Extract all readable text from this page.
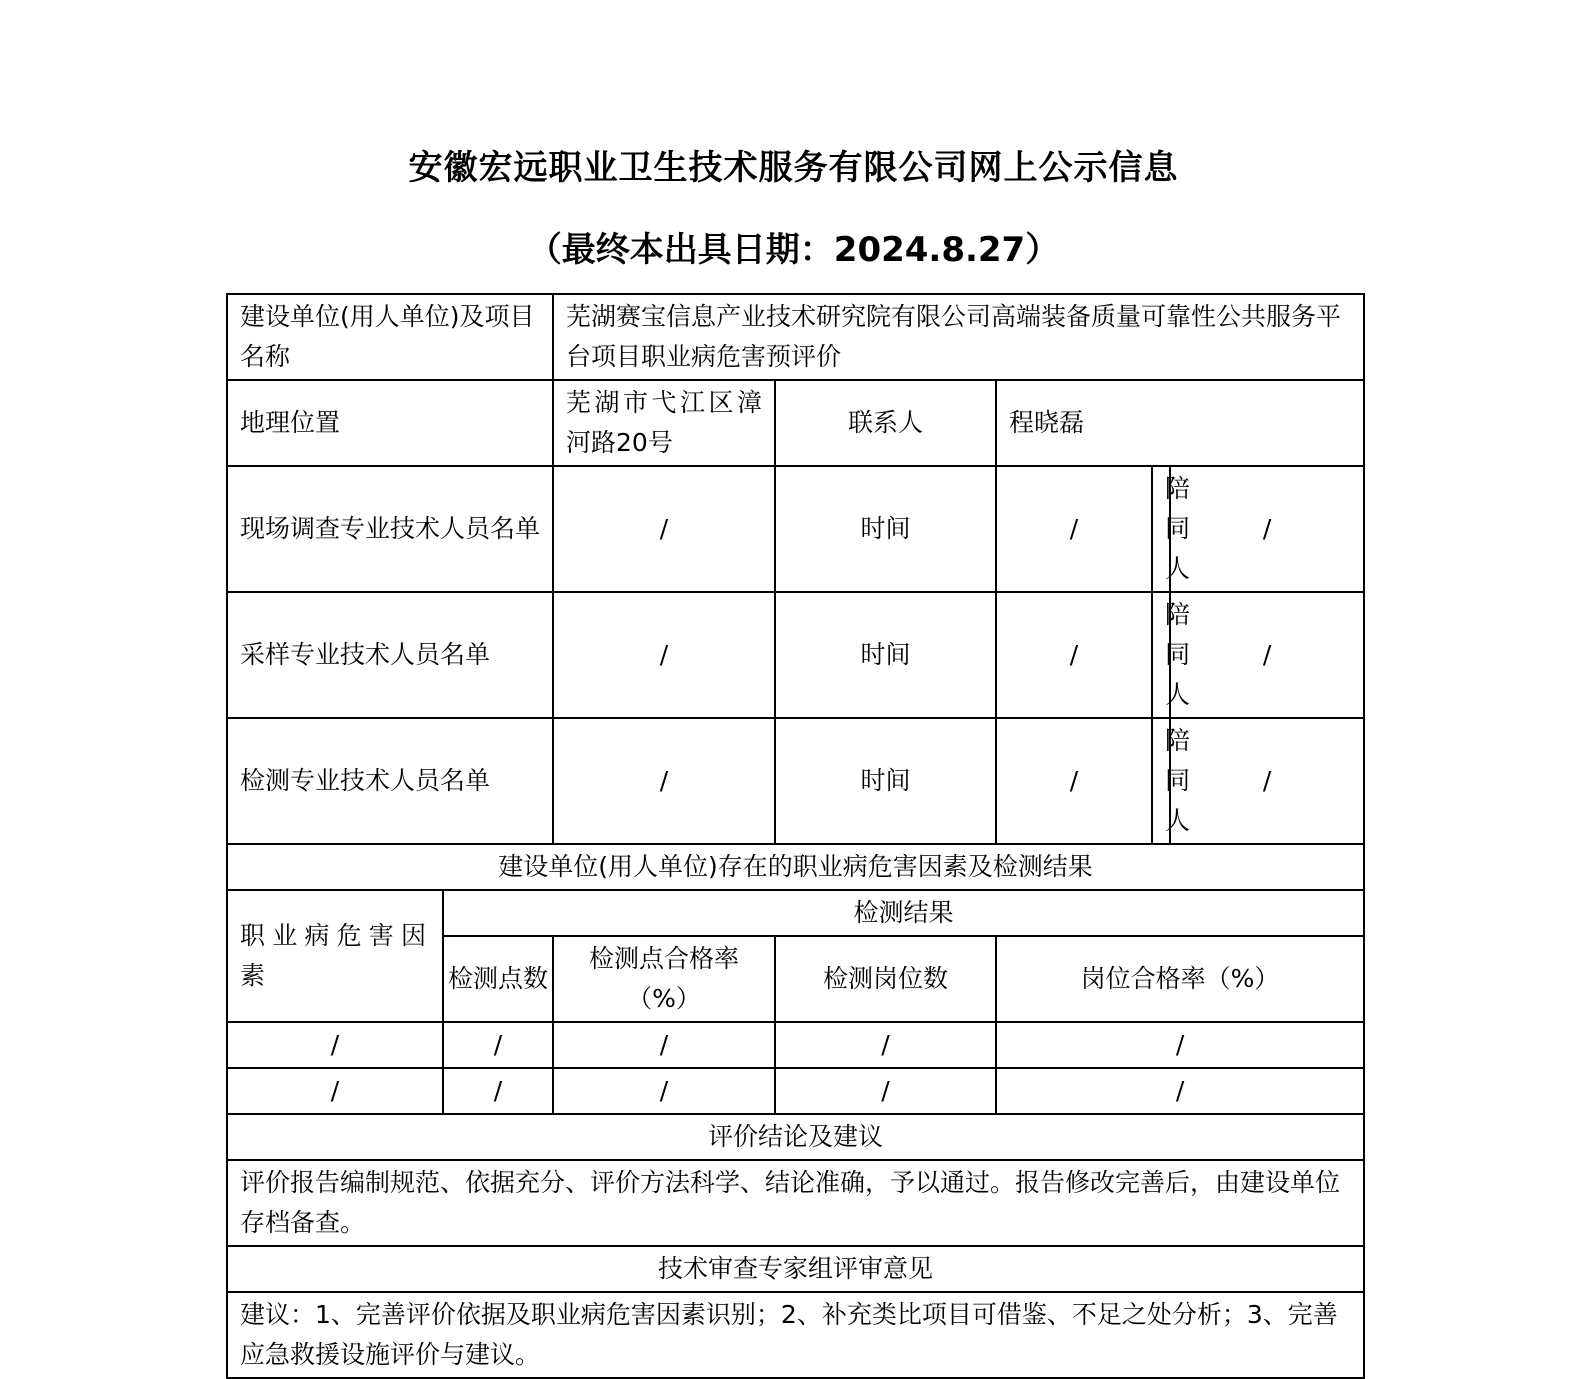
安徽宏远职业卫生技术服务有限公司网上公示信息
（最终本出具日期：2024.8.27）
建设单位(用人单位)及项目名称		芜湖赛宝信息产业技术研究院有限公司高端装备质量可靠性公共服务平台项目职业病危害预评价				
地理位置		芜湖市弋江区漳河路20号	联系人	程晓磊		
现场调查专业技术人员名单		/	时间	/	陪同人	/
采样专业技术人员名单		/	时间	/	陪同人	/
检测专业技术人员名单		/	时间	/	陪同人	/
建设单位(用人单位)存在的职业病危害因素及检测结果						
职业病危害因素	检测结果					
	检测点数	检测点合格率（%）	检测岗位数	岗位合格率（%）		
/	/	/	/	/		
/	/	/	/	/		
评价结论及建议						
评价报告编制规范、依据充分、评价方法科学、结论准确，予以通过。报告修改完善后，由建设单位存档备查。						
技术审查专家组评审意见						
建议：1、完善评价依据及职业病危害因素识别；2、补充类比项目可借鉴、不足之处分析；3、完善应急救援设施评价与建议。						
